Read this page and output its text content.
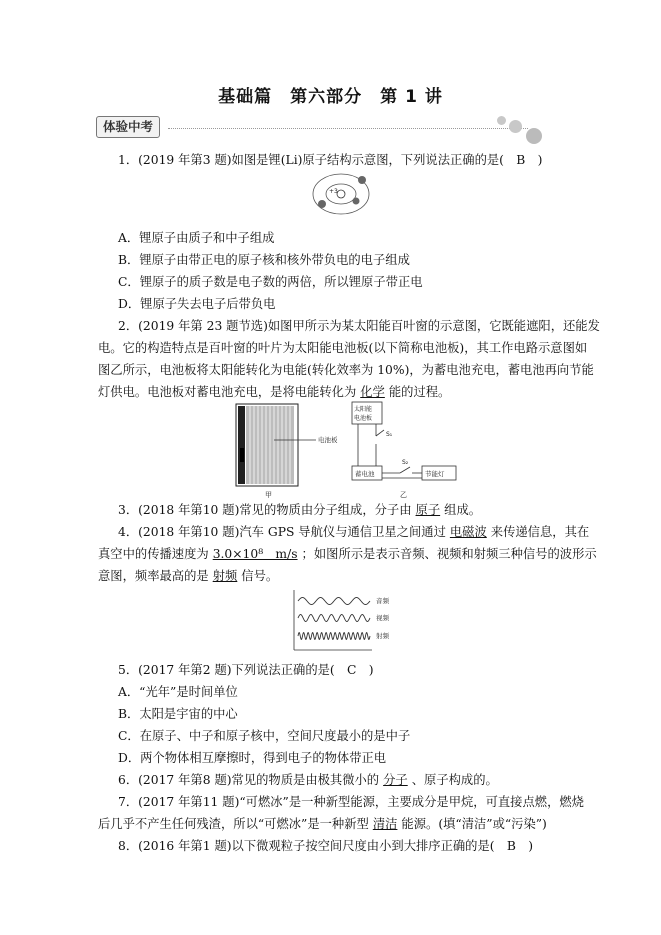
基础篇　第六部分　第 1 讲
体验中考
1．(2019 年第3 题)如图是锂(Li)原子结构示意图，下列说法正确的是(　B　)
+3
A．锂原子由质子和中子组成
B．锂原子由带正电的原子核和核外带负电的电子组成
C．锂原子的质子数是电子数的两倍，所以锂原子带正电
D．锂原子失去电子后带负电
2．(2019 年第 23 题节选)如图甲所示为某太阳能百叶窗的示意图，它既能遮阳，还能发
电。它的构造特点是百叶窗的叶片为太阳能电池板(以下简称电池板)，其工作电路示意图如
图乙所示，电池板将太阳能转化为电能(转化效率为 10%)，为蓄电池充电，蓄电池再向节能
灯供电。电池板对蓄电池充电，是将电能转化为 化学 能的过程。
电池板
甲
太阳能
电池板
蓄电池	节能灯
S₁
S₂
乙
3．(2018 年第10 题)常见的物质由分子组成，分子由 原子 组成。
4．(2018 年第10 题)汽车 GPS 导航仪与通信卫星之间通过 电磁波 来传递信息，其在
真空中的传播速度为 3.0×10⁸　m/s ；如图所示是表示音频、视频和射频三种信号的波形示
意图，频率最高的是 射频 信号。
音频
视频
射频
5．(2017 年第2 题)下列说法正确的是(　C　)
A．“光年”是时间单位
B．太阳是宇宙的中心
C．在原子、中子和原子核中，空间尺度最小的是中子
D．两个物体相互摩擦时，得到电子的物体带正电
6．(2017 年第8 题)常见的物质是由极其微小的 分子 、原子构成的。
7．(2017 年第11 题)“可燃冰”是一种新型能源，主要成分是甲烷，可直接点燃，燃烧
后几乎不产生任何残渣，所以“可燃冰”是一种新型 清洁 能源。(填“清洁”或“污染”)
8．(2016 年第1 题)以下微观粒子按空间尺度由小到大排序正确的是(　B　)
